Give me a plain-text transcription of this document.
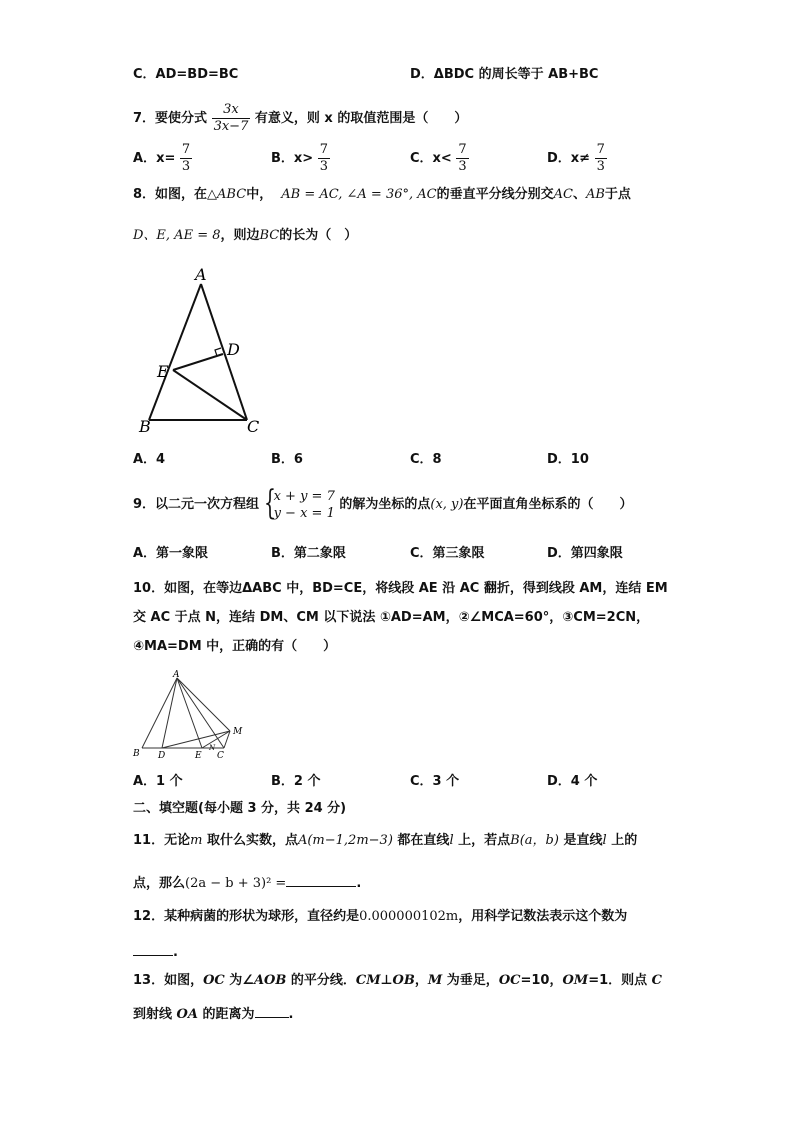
C．AD=BD=BC	D．ΔBDC 的周长等于 AB+BC
7．要使分式 $\frac{3x}{3x-7}$ 有意义，则 x 的取值范围是（　　）
A．$x= \frac{7}{3}$	B．$x> \frac{7}{3}$	C．$x< \frac{7}{3}$	D．$x\ne \frac{7}{3}$
8．如图，在△ABC中， AB = AC, ∠A = 36°, AC的垂直平分线分别交AC、AB于点
D、E, AE = 8，则边BC的长为（　）
A
D
E
B	C
A．4	B．6	C．8	D．10
9．以二元一次方程组 {
x + y = 7
y − x = 1
的解为坐标的点(x, y)在平面直角坐标系的（　　）
A．第一象限	B．第二象限	C．第三象限	D．第四象限
10．如图，在等边ΔABC 中，BD=CE，将线段 AE 沿 AC 翻折，得到线段 AM，连结 EM
交 AC 于点 N，连结 DM、CM 以下说法 ①AD=AM，②∠MCA=60°，③CM=2CN，
④MA=DM 中，正确的有（　　）
A
B D	E
N
C
M
A．1 个	B．2 个	C．3 个	D．4 个
二、填空题(每小题 3 分，共 24 分)
11．无论m 取什么实数，点A(m−1,2m−3) 都在直线l 上，若点B(a，b) 是直线l 上的
点，那么(2a − b + 3)² =	.
12．某种病菌的形状为球形，直径约是0.000000102m，用科学记数法表示这个数为
.
13．如图，OC 为∠AOB 的平分线．CM⊥OB，M 为垂足，OC=10，OM=1．则点 C
到射线 OA 的距离为	.
